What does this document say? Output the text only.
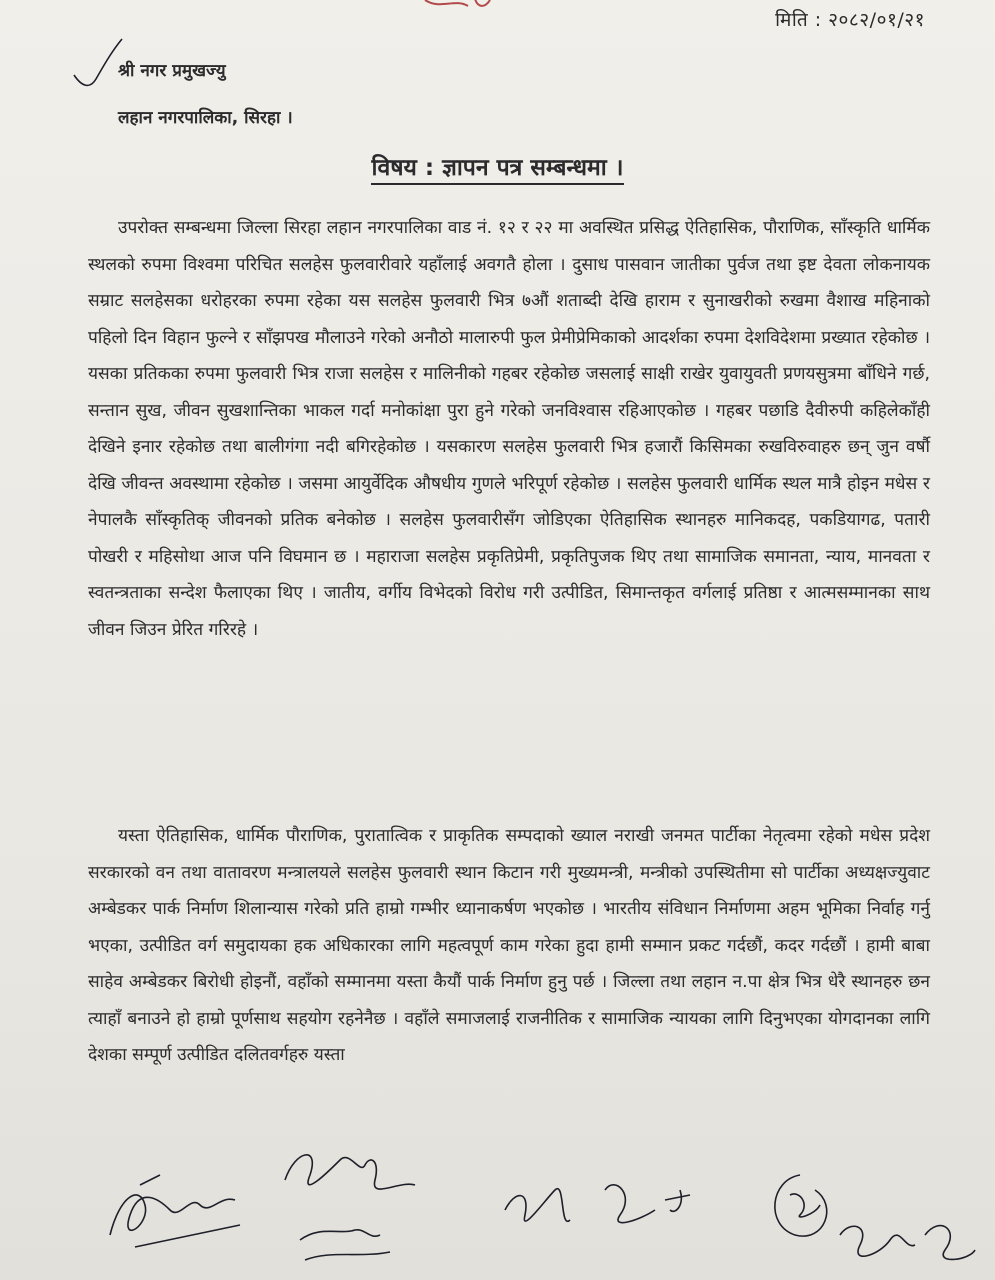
मिति : २०८२/०१/२१
श्री नगर प्रमुखज्यु
लहान नगरपालिका, सिरहा ।
विषय : ज्ञापन पत्र सम्बन्धमा ।
उपरोक्त सम्बन्धमा जिल्ला सिरहा लहान नगरपालिका वाड नं. १२ र २२ मा अवस्थित प्रसिद्ध ऐतिहासिक, पौराणिक, साँस्कृति धार्मिक स्थलको रुपमा विश्वमा परिचित सलहेस फुलवारीवारे यहाँलाई अवगतै होला । दुसाध पासवान जातीका पुर्वज तथा इष्ट देवता लोकनायक सम्राट सलहेसका धरोहरका रुपमा रहेका यस सलहेस फुलवारी भित्र ७औं शताब्दी देखि हाराम र सुनाखरीको रुखमा वैशाख महिनाको पहिलो दिन विहान फुल्ने र साँझपख मौलाउने गरेको अनौठो मालारुपी फुल प्रेमीप्रेमिकाको आदर्शका रुपमा देशविदेशमा प्रख्यात रहेकोछ । यसका प्रतिकका रुपमा फुलवारी भित्र राजा सलहेस र मालिनीको गहबर रहेकोछ जसलाई साक्षी राखेर युवायुवती प्रणयसुत्रमा बाँधिने गर्छ, सन्तान सुख, जीवन सुखशान्तिका भाकल गर्दा मनोकांक्षा पुरा हुने गरेको जनविश्वास रहिआएकोछ । गहबर पछाडि दैवीरुपी कहिलेकाँही देखिने इनार रहेकोछ तथा बालीगंगा नदी बगिरहेकोछ । यसकारण सलहेस फुलवारी भित्र हजारौं किसिमका रुखविरुवाहरु छन् जुन वर्षौ देखि जीवन्त अवस्थामा रहेकोछ । जसमा आयुर्वेदिक औषधीय गुणले भरिपूर्ण रहेकोछ । सलहेस फुलवारी धार्मिक स्थल मात्रै होइन मधेस र नेपालकै साँस्कृतिक् जीवनको प्रतिक बनेकोछ । सलहेस फुलवारीसँग जोडिएका ऐतिहासिक स्थानहरु मानिकदह, पकडियागढ, पतारी पोखरी र महिसोथा आज पनि विघमान छ । महाराजा सलहेस प्रकृतिप्रेमी, प्रकृतिपुजक थिए तथा सामाजिक समानता, न्याय, मानवता र स्वतन्त्रताका सन्देश फैलाएका थिए । जातीय, वर्गीय विभेदको विरोध गरी उत्पीडित, सिमान्तकृत वर्गलाई प्रतिष्ठा र आत्मसम्मानका साथ जीवन जिउन प्रेरित गरिरहे ।
यस्ता ऐतिहासिक, धार्मिक पौराणिक, पुरातात्विक र प्राकृतिक सम्पदाको ख्याल नराखी जनमत पार्टीका नेतृत्वमा रहेको मधेस प्रदेश सरकारको वन तथा वातावरण मन्त्रालयले सलहेस फुलवारी स्थान किटान गरी मुख्यमन्त्री, मन्त्रीको उपस्थितीमा सो पार्टीका अध्यक्षज्युवाट अम्बेडकर पार्क निर्माण शिलान्यास गरेको प्रति हाम्रो गम्भीर ध्यानाकर्षण भएकोछ । भारतीय संविधान निर्माणमा अहम भूमिका निर्वाह गर्नु भएका, उत्पीडित वर्ग समुदायका हक अधिकारका लागि महत्वपूर्ण काम गरेका हुदा हामी सम्मान प्रकट गर्दछौं, कदर गर्दछौं । हामी बाबा साहेव अम्बेडकर बिरोधी होइनौं, वहाँको सम्मानमा यस्ता कैयौं पार्क निर्माण हुनु पर्छ । जिल्ला तथा लहान न.पा क्षेत्र भित्र धेरै स्थानहरु छन त्याहाँ बनाउने हो हाम्रो पूर्णसाथ सहयोग रहनेनैछ । वहाँले समाजलाई राजनीतिक र सामाजिक न्यायका लागि दिनुभएका योगदानका लागि देशका सम्पूर्ण उत्पीडित दलितवर्गहरु यस्ता
